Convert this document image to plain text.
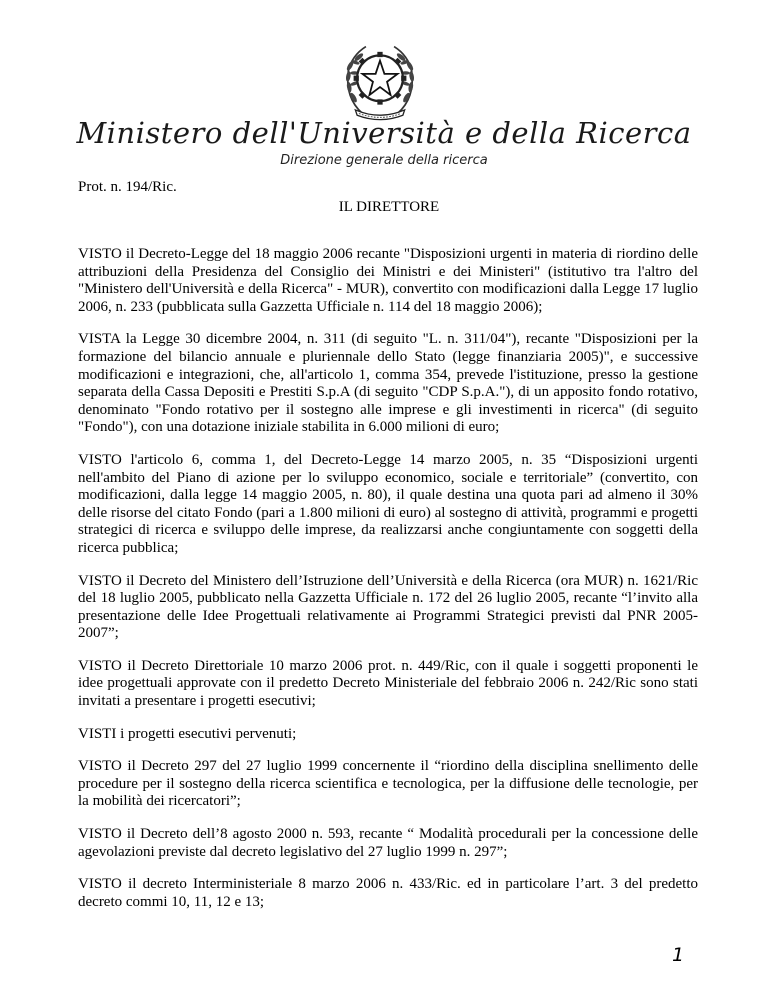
Ministero dell'Università e della Ricerca
Direzione generale della ricerca
Prot. n. 194/Ric.
IL DIRETTORE

VISTO il Decreto-Legge del 18 maggio 2006 recante "Disposizioni urgenti in materia di riordino delle attribuzioni della Presidenza del Consiglio dei Ministri e dei Ministeri" (istitutivo tra l'altro del "Ministero dell'Università e della Ricerca" - MUR), convertito con modificazioni dalla Legge 17 luglio 2006, n. 233 (pubblicata sulla Gazzetta Ufficiale n. 114 del 18 maggio 2006);

VISTA la Legge 30 dicembre 2004, n. 311 (di seguito "L. n. 311/04"), recante "Disposizioni per la formazione del bilancio annuale e pluriennale dello Stato (legge finanziaria 2005)", e successive modificazioni e integrazioni, che, all'articolo 1, comma 354, prevede l'istituzione, presso la gestione separata della Cassa Depositi e Prestiti S.p.A (di seguito "CDP S.p.A."), di un apposito fondo rotativo, denominato "Fondo rotativo per il sostegno alle imprese e gli investimenti in ricerca" (di seguito "Fondo"), con una dotazione iniziale stabilita in 6.000 milioni di euro;

VISTO l'articolo 6, comma 1, del Decreto-Legge 14 marzo 2005, n. 35 “Disposizioni urgenti nell'ambito del Piano di azione per lo sviluppo economico, sociale e territoriale” (convertito, con modificazioni, dalla legge 14 maggio 2005, n. 80), il quale destina una quota pari ad almeno il 30% delle risorse del citato Fondo (pari a 1.800 milioni di euro) al sostegno di attività, programmi e progetti strategici di ricerca e sviluppo delle imprese, da realizzarsi anche congiuntamente con soggetti della ricerca pubblica;

VISTO il Decreto del Ministero dell’Istruzione dell’Università e della Ricerca (ora MUR) n. 1621/Ric del 18 luglio 2005, pubblicato nella Gazzetta Ufficiale n. 172 del 26 luglio 2005, recante “l’invito alla presentazione delle Idee Progettuali relativamente ai Programmi Strategici previsti dal PNR 2005-2007”;

VISTO il Decreto Direttoriale 10 marzo 2006 prot. n. 449/Ric, con il quale i soggetti proponenti le idee progettuali approvate con il predetto Decreto Ministeriale del febbraio 2006 n. 242/Ric sono stati invitati a presentare i progetti esecutivi;

VISTI i progetti esecutivi pervenuti;

VISTO il Decreto 297 del 27 luglio 1999 concernente il “riordino della disciplina snellimento delle procedure per il sostegno della ricerca scientifica e tecnologica, per la diffusione delle tecnologie, per la mobilità dei ricercatori”;

VISTO il Decreto dell’8 agosto 2000 n. 593, recante “ Modalità procedurali per la concessione delle agevolazioni previste dal decreto legislativo del 27 luglio 1999 n. 297”;

VISTO il decreto Interministeriale 8 marzo 2006 n. 433/Ric. ed in particolare l’art. 3 del predetto decreto commi 10, 11, 12 e 13;

1
